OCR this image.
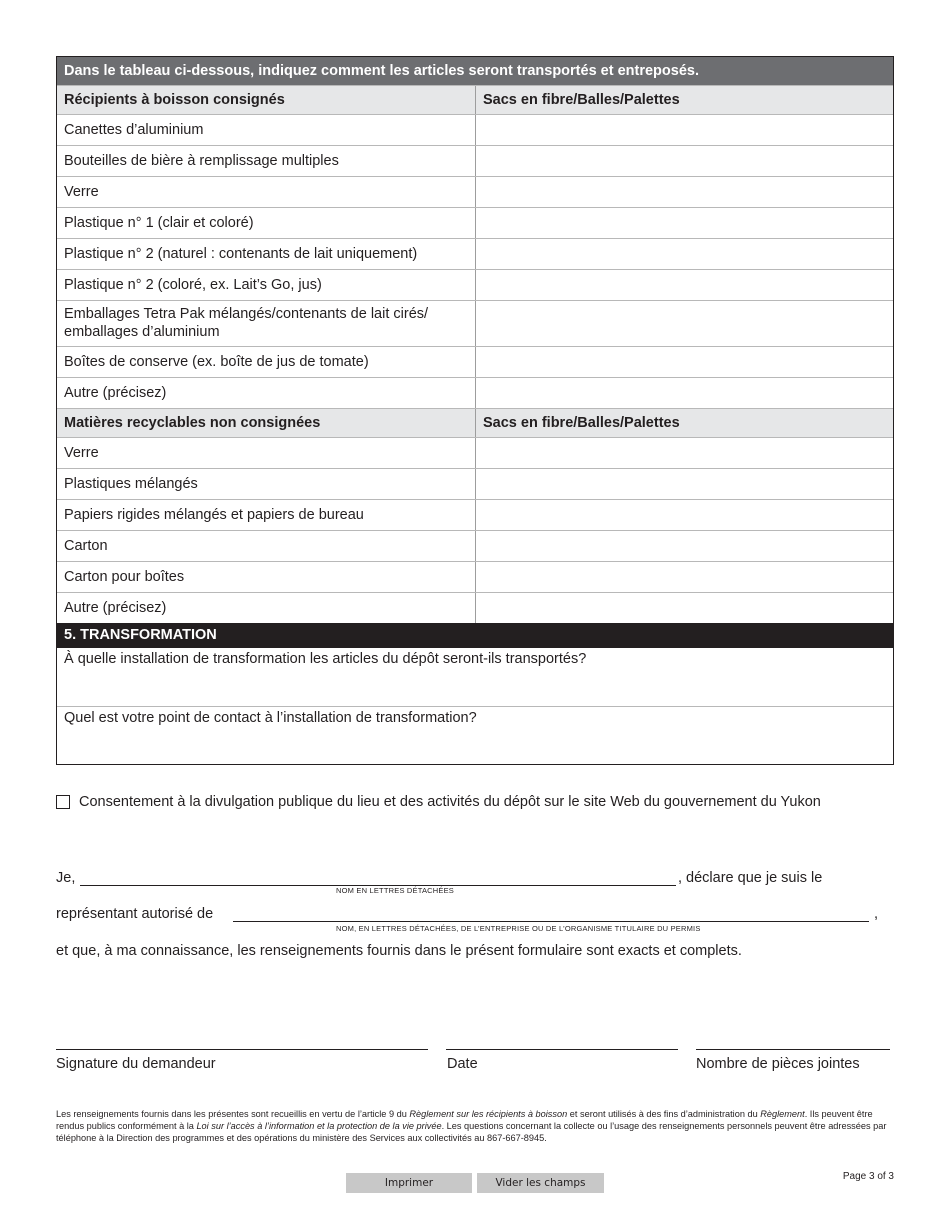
Dans le tableau ci-dessous, indiquez comment les articles seront transportés et entreposés.
Récipients à boisson consignés	Sacs en fibre/Balles/Palettes
Canettes d’aluminium
Bouteilles de bière à remplissage multiples
Verre
Plastique n° 1 (clair et coloré)
Plastique n° 2 (naturel : contenants de lait uniquement)
Plastique n° 2 (coloré, ex. Lait’s Go, jus)
Emballages Tetra Pak mélangés/contenants de lait cirés/ emballages d’aluminium
Boîtes de conserve (ex. boîte de jus de tomate)
Autre (précisez)
Matières recyclables non consignées	Sacs en fibre/Balles/Palettes
Verre
Plastiques mélangés
Papiers rigides mélangés et papiers de bureau
Carton
Carton pour boîtes
Autre (précisez)
5. TRANSFORMATION
À quelle installation de transformation les articles du dépôt seront-ils transportés?
Quel est votre point de contact à l’installation de transformation?
Consentement à la divulgation publique du lieu et des activités du dépôt sur le site Web du gouvernement du Yukon
Je,	, déclare que je suis le
NOM EN LETTRES DÉTACHÉES
représentant autorisé de	,
NOM, EN LETTRES DÉTACHÉES, DE L’ENTREPRISE OU DE L’ORGANISME TITULAIRE DU PERMIS
et que, à ma connaissance, les renseignements fournis dans le présent formulaire sont exacts et complets.
Signature du demandeur	Date	Nombre de pièces jointes
Les renseignements fournis dans les présentes sont recueillis en vertu de l’article 9 du Règlement sur les récipients à boisson et seront utilisés à des fins d’administration du Règlement. Ils peuvent être rendus publics conformément à la Loi sur l’accès à l’information et la protection de la vie privée. Les questions concernant la collecte ou l’usage des renseignements personnels peuvent être adressées par téléphone à la Direction des programmes et des opérations du ministère des Services aux collectivités au 867-667-8945.
Page 3 of 3
Imprimer	Vider les champs
